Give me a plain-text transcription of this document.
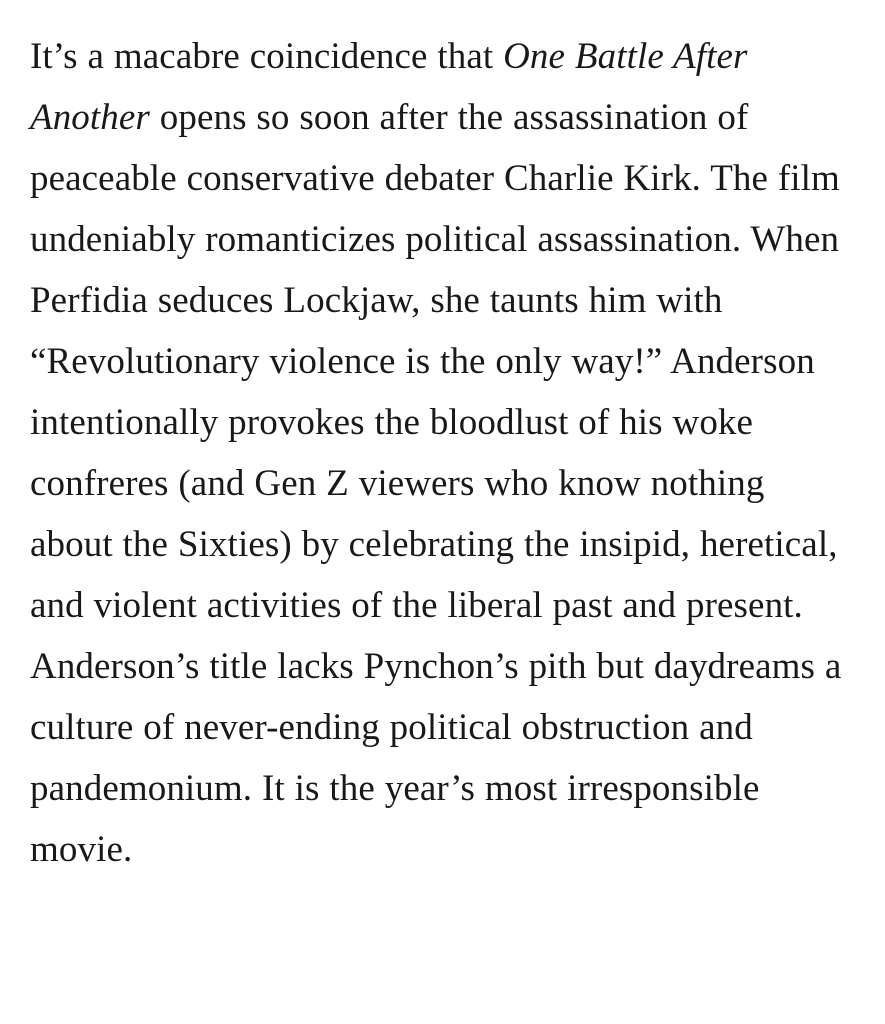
It’s a macabre coincidence that One Battle After Another opens so soon after the assassination of peaceable conservative debater Charlie Kirk. The film undeniably romanticizes political assassination. When Perfidia seduces Lockjaw, she taunts him with “Revolutionary violence is the only way!” Anderson intentionally provokes the bloodlust of his woke confreres (and Gen Z viewers who know nothing about the Sixties) by celebrating the insipid, heretical, and violent activities of the liberal past and present. Anderson’s title lacks Pynchon’s pith but daydreams a culture of never-ending political obstruction and pandemonium. It is the year’s most irresponsible movie.
